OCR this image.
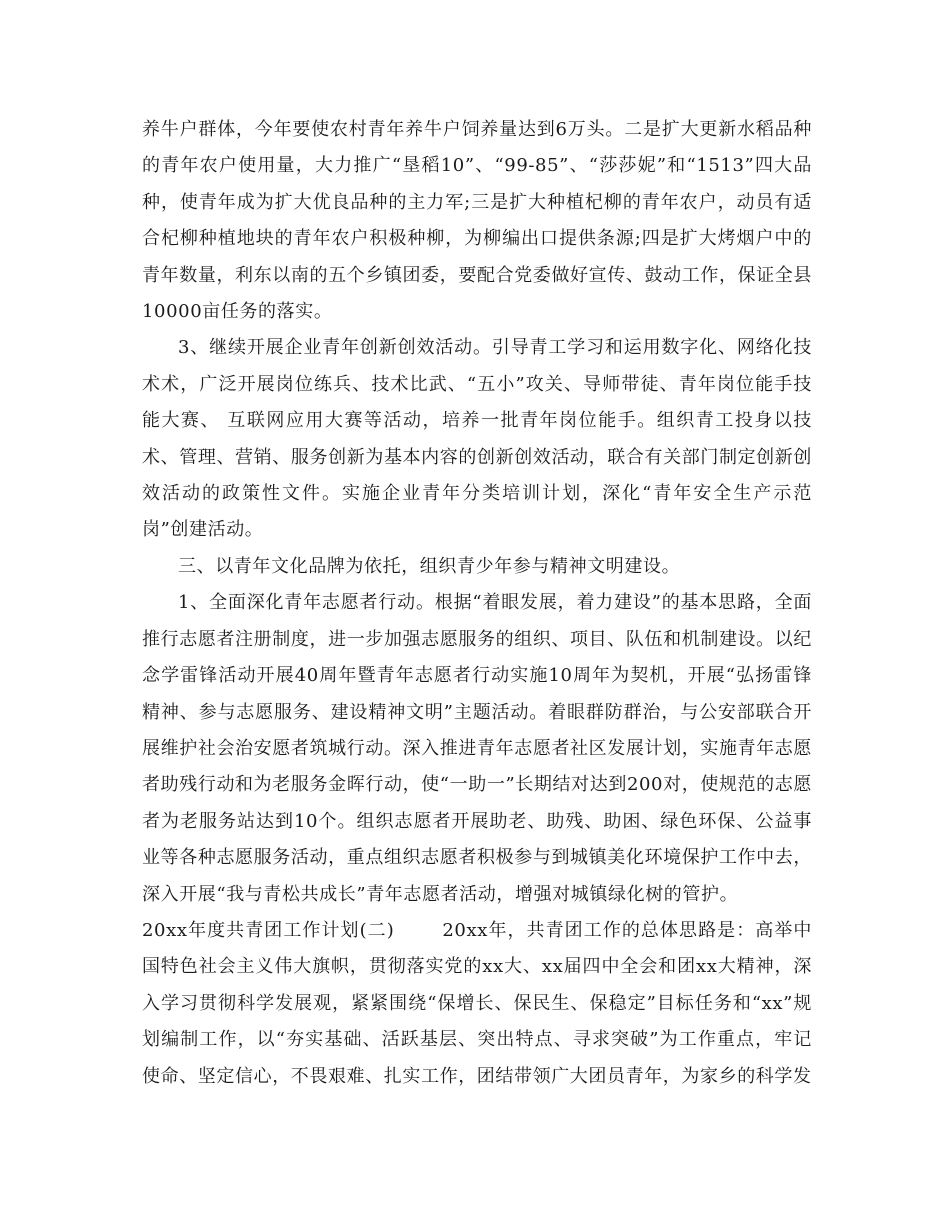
养牛户群体，今年要使农村青年养牛户饲养量达到6万头。二是扩大更新水稻品种的青年农户使用量，大力推广“垦稻10”、“99-85”、“莎莎妮”和“1513”四大品种，使青年成为扩大优良品种的主力军;三是扩大种植杞柳的青年农户，动员有适合杞柳种植地块的青年农户积极种柳，为柳编出口提供条源;四是扩大烤烟户中的青年数量，利东以南的五个乡镇团委，要配合党委做好宣传、鼓动工作，保证全县10000亩任务的落实。

3、继续开展企业青年创新创效活动。引导青工学习和运用数字化、网络化技术术，广泛开展岗位练兵、技术比武、“五小”攻关、导师带徒、青年岗位能手技能大赛、 互联网应用大赛等活动，培养一批青年岗位能手。组织青工投身以技术、管理、营销、服务创新为基本内容的创新创效活动，联合有关部门制定创新创效活动的政策性文件。实施企业青年分类培训计划，深化“青年安全生产示范岗”创建活动。

三、以青年文化品牌为依托，组织青少年参与精神文明建设。

1、全面深化青年志愿者行动。根据“着眼发展，着力建设”的基本思路，全面推行志愿者注册制度，进一步加强志愿服务的组织、项目、队伍和机制建设。以纪念学雷锋活动开展40周年暨青年志愿者行动实施10周年为契机，开展“弘扬雷锋精神、参与志愿服务、建设精神文明”主题活动。着眼群防群治，与公安部联合开展维护社会治安愿者筑城行动。深入推进青年志愿者社区发展计划，实施青年志愿者助残行动和为老服务金晖行动，使“一助一”长期结对达到200对，使规范的志愿者为老服务站达到10个。组织志愿者开展助老、助残、助困、绿色环保、公益事业等各种志愿服务活动，重点组织志愿者积极参与到城镇美化环境保护工作中去，深入开展“我与青松共成长”青年志愿者活动，增强对城镇绿化树的管护。

20xx年度共青团工作计划(二)	20xx年，共青团工作的总体思路是：高举中国特色社会主义伟大旗帜，贯彻落实党的xx大、xx届四中全会和团xx大精神，深入学习贯彻科学发展观，紧紧围绕“保增长、保民生、保稳定”目标任务和“xx”规划编制工作，以“夯实基础、活跃基层、突出特点、寻求突破”为工作重点，牢记使命、坚定信心，不畏艰难、扎实工作，团结带领广大团员青年，为家乡的科学发
